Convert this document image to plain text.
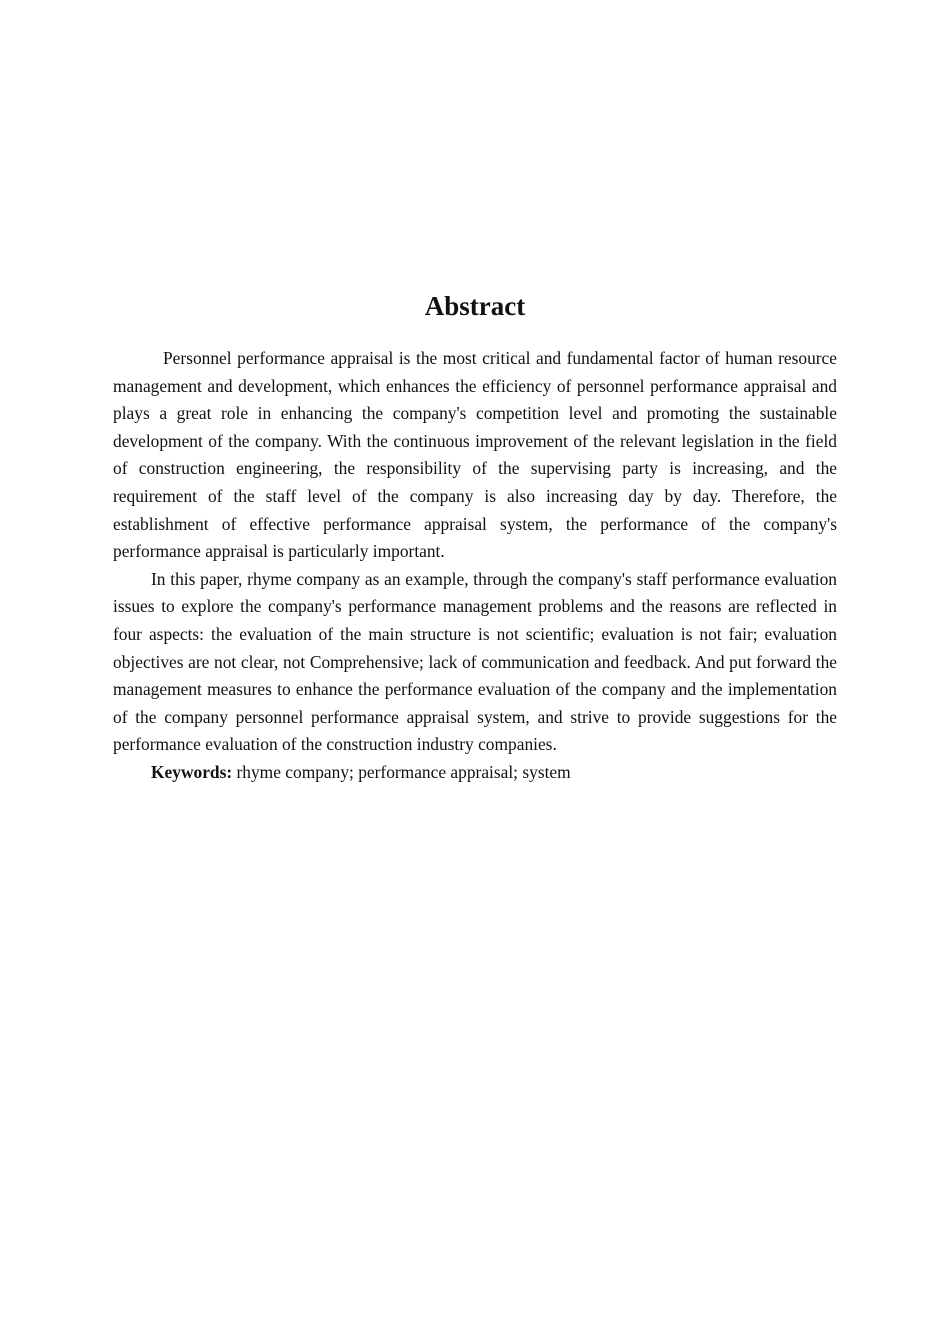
Abstract

Personnel performance appraisal is the most critical and fundamental factor of human resource management and development, which enhances the efficiency of personnel performance appraisal and plays a great role in enhancing the company's competition level and promoting the sustainable development of the company. With the continuous improvement of the relevant legislation in the field of construction engineering, the responsibility of the supervising party is increasing, and the requirement of the staff level of the company is also increasing day by day. Therefore, the establishment of effective performance appraisal system, the performance of the company's performance appraisal is particularly important.

In this paper, rhyme company as an example, through the company's staff performance evaluation issues to explore the company's performance management problems and the reasons are reflected in four aspects: the evaluation of the main structure is not scientific; evaluation is not fair; evaluation objectives are not clear, not Comprehensive; lack of communication and feedback. And put forward the management measures to enhance the performance evaluation of the company and the implementation of the company personnel performance appraisal system, and strive to provide suggestions for the performance evaluation of the construction industry companies.

Keywords: rhyme company; performance appraisal; system
